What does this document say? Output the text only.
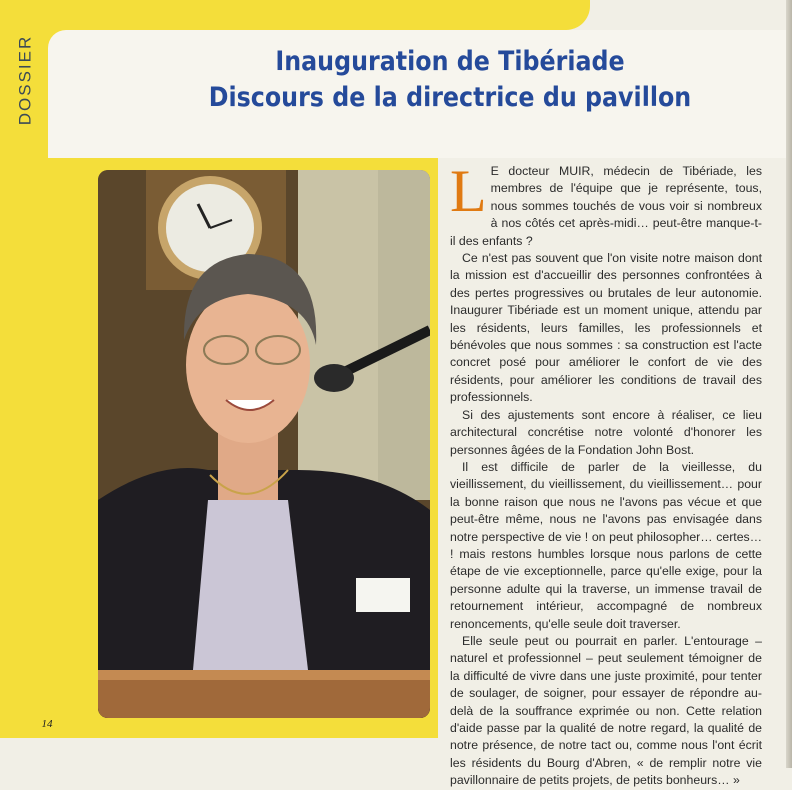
DOSSIER	Inauguration de Tibériade
Discours de la directrice du pavillon

L E docteur MUIR, médecin de Tibériade, les membres de l'équipe que je représente, tous, nous sommes touchés de vous voir si nombreux à nos côtés cet après-midi… peut-être manque-t-il des enfants ?

Ce n'est pas souvent que l'on visite notre maison dont la mission est d'accueillir des personnes confrontées à des pertes progressives ou brutales de leur autonomie. Inaugurer Tibériade est un moment unique, attendu par les résidents, leurs familles, les professionnels et bénévoles que nous sommes : sa construction est l'acte concret posé pour améliorer le confort de vie des résidents, pour améliorer les conditions de travail des professionnels.

Si des ajustements sont encore à réaliser, ce lieu architectural concrétise notre volonté d'honorer les personnes âgées de la Fondation John Bost.

Il est difficile de parler de la vieillesse, du vieillissement, du vieillissement, du vieillissement… pour la bonne raison que nous ne l'avons pas vécue et que peut-être même, nous ne l'avons pas envisagée dans notre perspective de vie ! on peut philosopher… certes… ! mais restons humbles lorsque nous parlons de cette étape de vie exceptionnelle, parce qu'elle exige, pour la personne adulte qui la traverse, un immense travail de retournement intérieur, accompagné de nombreux renoncements, qu'elle seule doit traverser.

Elle seule peut ou pourrait en parler. L'entourage – naturel et professionnel – peut seulement témoigner de la difficulté de vivre dans une juste proximité, pour tenter de soulager, de soigner, pour essayer de répondre au-delà de la souffrance exprimée ou non. Cette relation d'aide passe par la qualité de notre regard, la qualité de notre présence, de notre tact ou, comme nous l'ont écrit les résidents du Bourg d'Abren, « de remplir notre vie pavillonnaire de petits projets, de petits bonheurs… »

14
